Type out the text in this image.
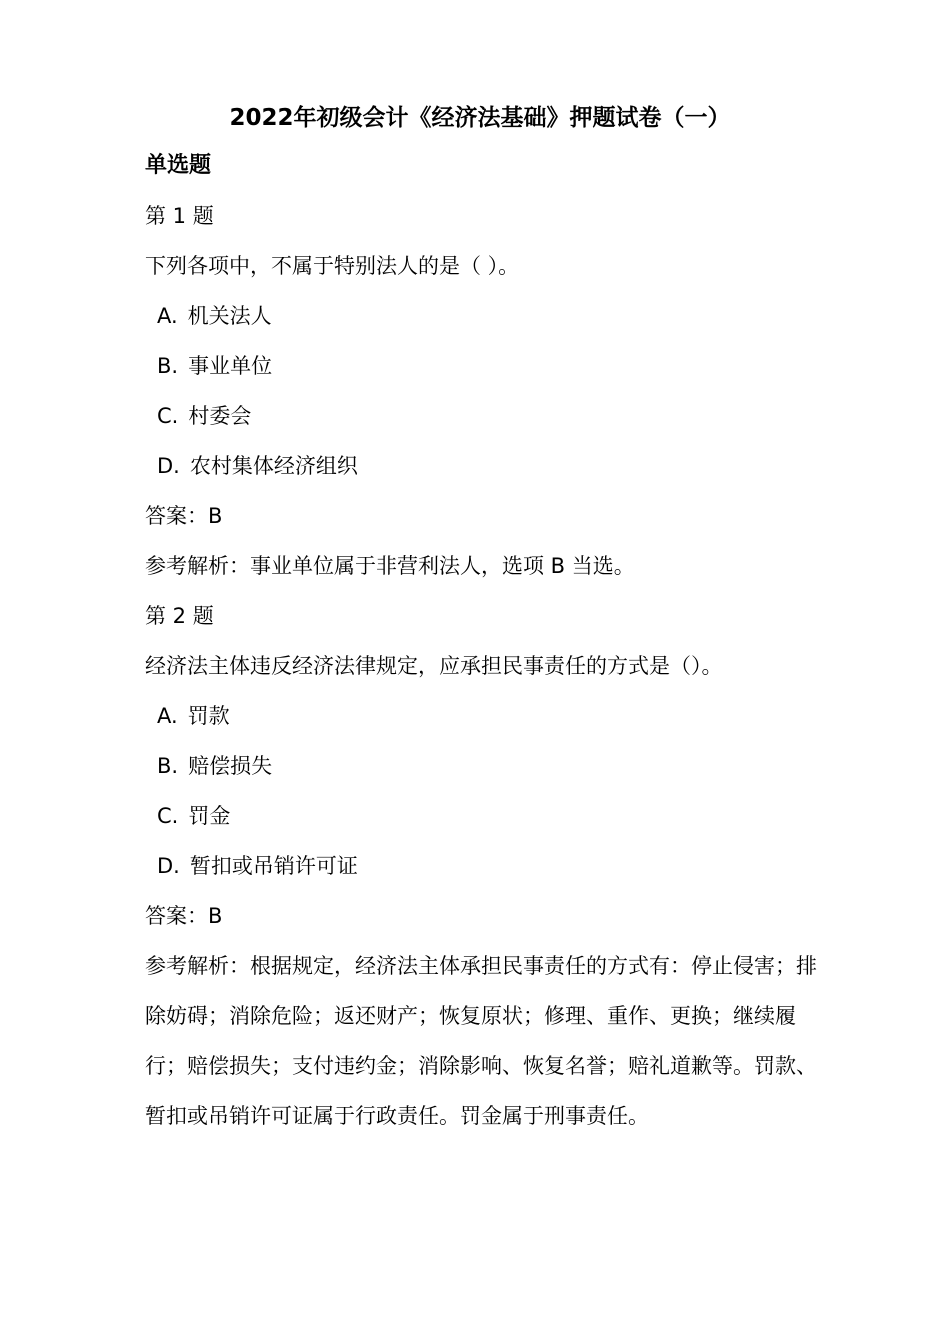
2022年初级会计《经济法基础》押题试卷（一）
单选题
第 1 题
下列各项中，不属于特别法人的是（ ）。
A. 机关法人
B. 事业单位
C. 村委会
D. 农村集体经济组织
答案：B
参考解析：事业单位属于非营利法人，选项 B 当选。
第 2 题
经济法主体违反经济法律规定，应承担民事责任的方式是（）。
A. 罚款
B. 赔偿损失
C. 罚金
D. 暂扣或吊销许可证
答案：B
参考解析：根据规定，经济法主体承担民事责任的方式有：停止侵害；排除妨碍；消除危险；返还财产；恢复原状；修理、重作、更换；继续履行；赔偿损失；支付违约金；消除影响、恢复名誉；赔礼道歉等。罚款、暂扣或吊销许可证属于行政责任。罚金属于刑事责任。
